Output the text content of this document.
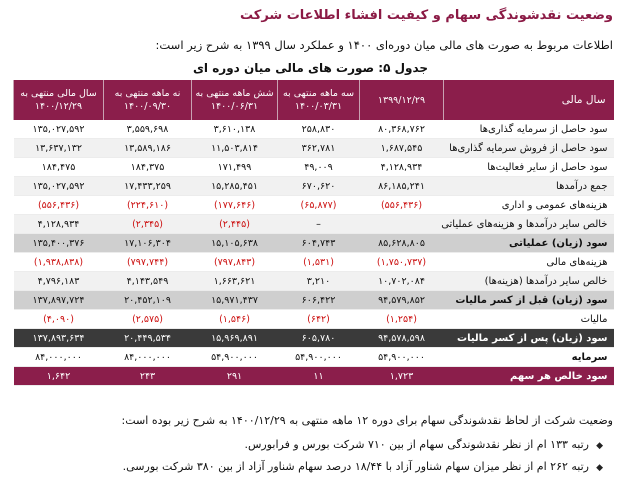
وضعیت نقدشوندگی سهام و کیفیت افشاء اطلاعات شرکت
اطلاعات مربوط به صورت های مالی میان دوره‌ای ۱۴۰۰ و عملکرد سال ۱۳۹۹ به شرح زیر است:
جدول ۵: صورت های مالی میان دوره ای
سال مالی	۱۳۹۹/۱۲/۲۹	سه ماهه منتهی به ۱۴۰۰/۰۳/۳۱	شش ماهه منتهی به ۱۴۰۰/۰۶/۳۱	نه ماهه منتهی به ۱۴۰۰/۰۹/۳۰	سال مالی منتهی به ۱۴۰۰/۱۲/۲۹
سود حاصل از سرمایه گذاری‌ها	۸۰,۳۶۸,۷۶۲	۲۵۸,۸۳۰	۳,۶۱۰,۱۳۸	۳,۵۵۹,۶۹۸	۱۳۵,۰۲۷,۵۹۲
سود حاصل از فروش سرمایه گذاری‌ها	۱,۶۸۷,۵۴۵	۳۶۲,۷۸۱	۱۱,۵۰۳,۸۱۴	۱۳,۵۸۹,۱۸۶	۱۳,۶۳۷,۱۳۲
سود حاصل از سایر فعالیت‌ها	۴,۱۲۸,۹۳۴	۴۹,۰۰۹	۱۷۱,۴۹۹	۱۸۴,۳۷۵	۱۸۴,۴۷۵
جمع درآمدها	۸۶,۱۸۵,۲۴۱	۶۷۰,۶۲۰	۱۵,۲۸۵,۴۵۱	۱۷,۴۳۳,۲۵۹	۱۳۵,۰۲۷,۵۹۲
هزینه‌های عمومی و اداری	(۵۵۶,۴۳۶)	(۶۵,۸۷۷)	(۱۷۷,۶۴۶)	(۲۲۴,۶۱۰)	(۵۵۶,۴۳۶)
خالص سایر درآمدها و هزینه‌های عملیاتی		–	(۲,۴۴۵)	(۲,۳۴۵)	۴,۱۲۸,۹۳۴
سود (زیان) عملیاتی	۸۵,۶۲۸,۸۰۵	۶۰۴,۷۴۳	۱۵,۱۰۵,۶۳۸	۱۷,۱۰۶,۳۰۴	۱۳۵,۴۰۰,۳۷۶
هزینه‌های مالی	(۱,۷۵۰,۷۳۷)	(۱,۵۳۱)	(۷۹۷,۸۴۳)	(۷۹۷,۷۴۴)	(۱,۹۳۸,۸۳۸)
خالص سایر درآمدها (هزینه‌ها)	۱۰,۷۰۲,۰۸۴	۳,۲۱۰	۱,۶۶۳,۶۲۱	۴,۱۴۳,۵۴۹	۴,۷۹۶,۱۸۳
سود (زیان) قبل از کسر مالیات	۹۴,۵۷۹,۸۵۲	۶۰۶,۴۲۲	۱۵,۹۷۱,۴۳۷	۲۰,۴۵۲,۱۰۹	۱۳۷,۸۹۷,۷۲۴
مالیات	(۱,۲۵۴)	(۶۴۲)	(۱,۵۴۶)	(۲,۵۷۵)	(۴,۰۹۰)
سود (زیان) پس از کسر مالیات	۹۴,۵۷۸,۵۹۸	۶۰۵,۷۸۰	۱۵,۹۶۹,۸۹۱	۲۰,۴۴۹,۵۳۴	۱۳۷,۸۹۳,۶۳۴
سرمایه	۵۴,۹۰۰,۰۰۰	۵۴,۹۰۰,۰۰۰	۵۴,۹۰۰,۰۰۰	۸۴,۰۰۰,۰۰۰	۸۴,۰۰۰,۰۰۰
سود خالص هر سهم	۱,۷۲۳	۱۱	۲۹۱	۲۴۳	۱,۶۴۲
وضعیت شرکت از لحاظ نقدشوندگی سهام برای دوره ۱۲ ماهه منتهی به ۱۴۰۰/۱۲/۲۹ به شرح زیر بوده است:
◆رتبه ۱۳۳ ام از نظر نقدشوندگی سهام از بین ۷۱۰ شرکت بورس و فرابورس.
◆رتبه ۲۶۲ ام از نظر میزان سهام شناور آزاد با ۱۸/۴۴ درصد سهام شناور آزاد از بین ۳۸۰ شرکت بورسی.
